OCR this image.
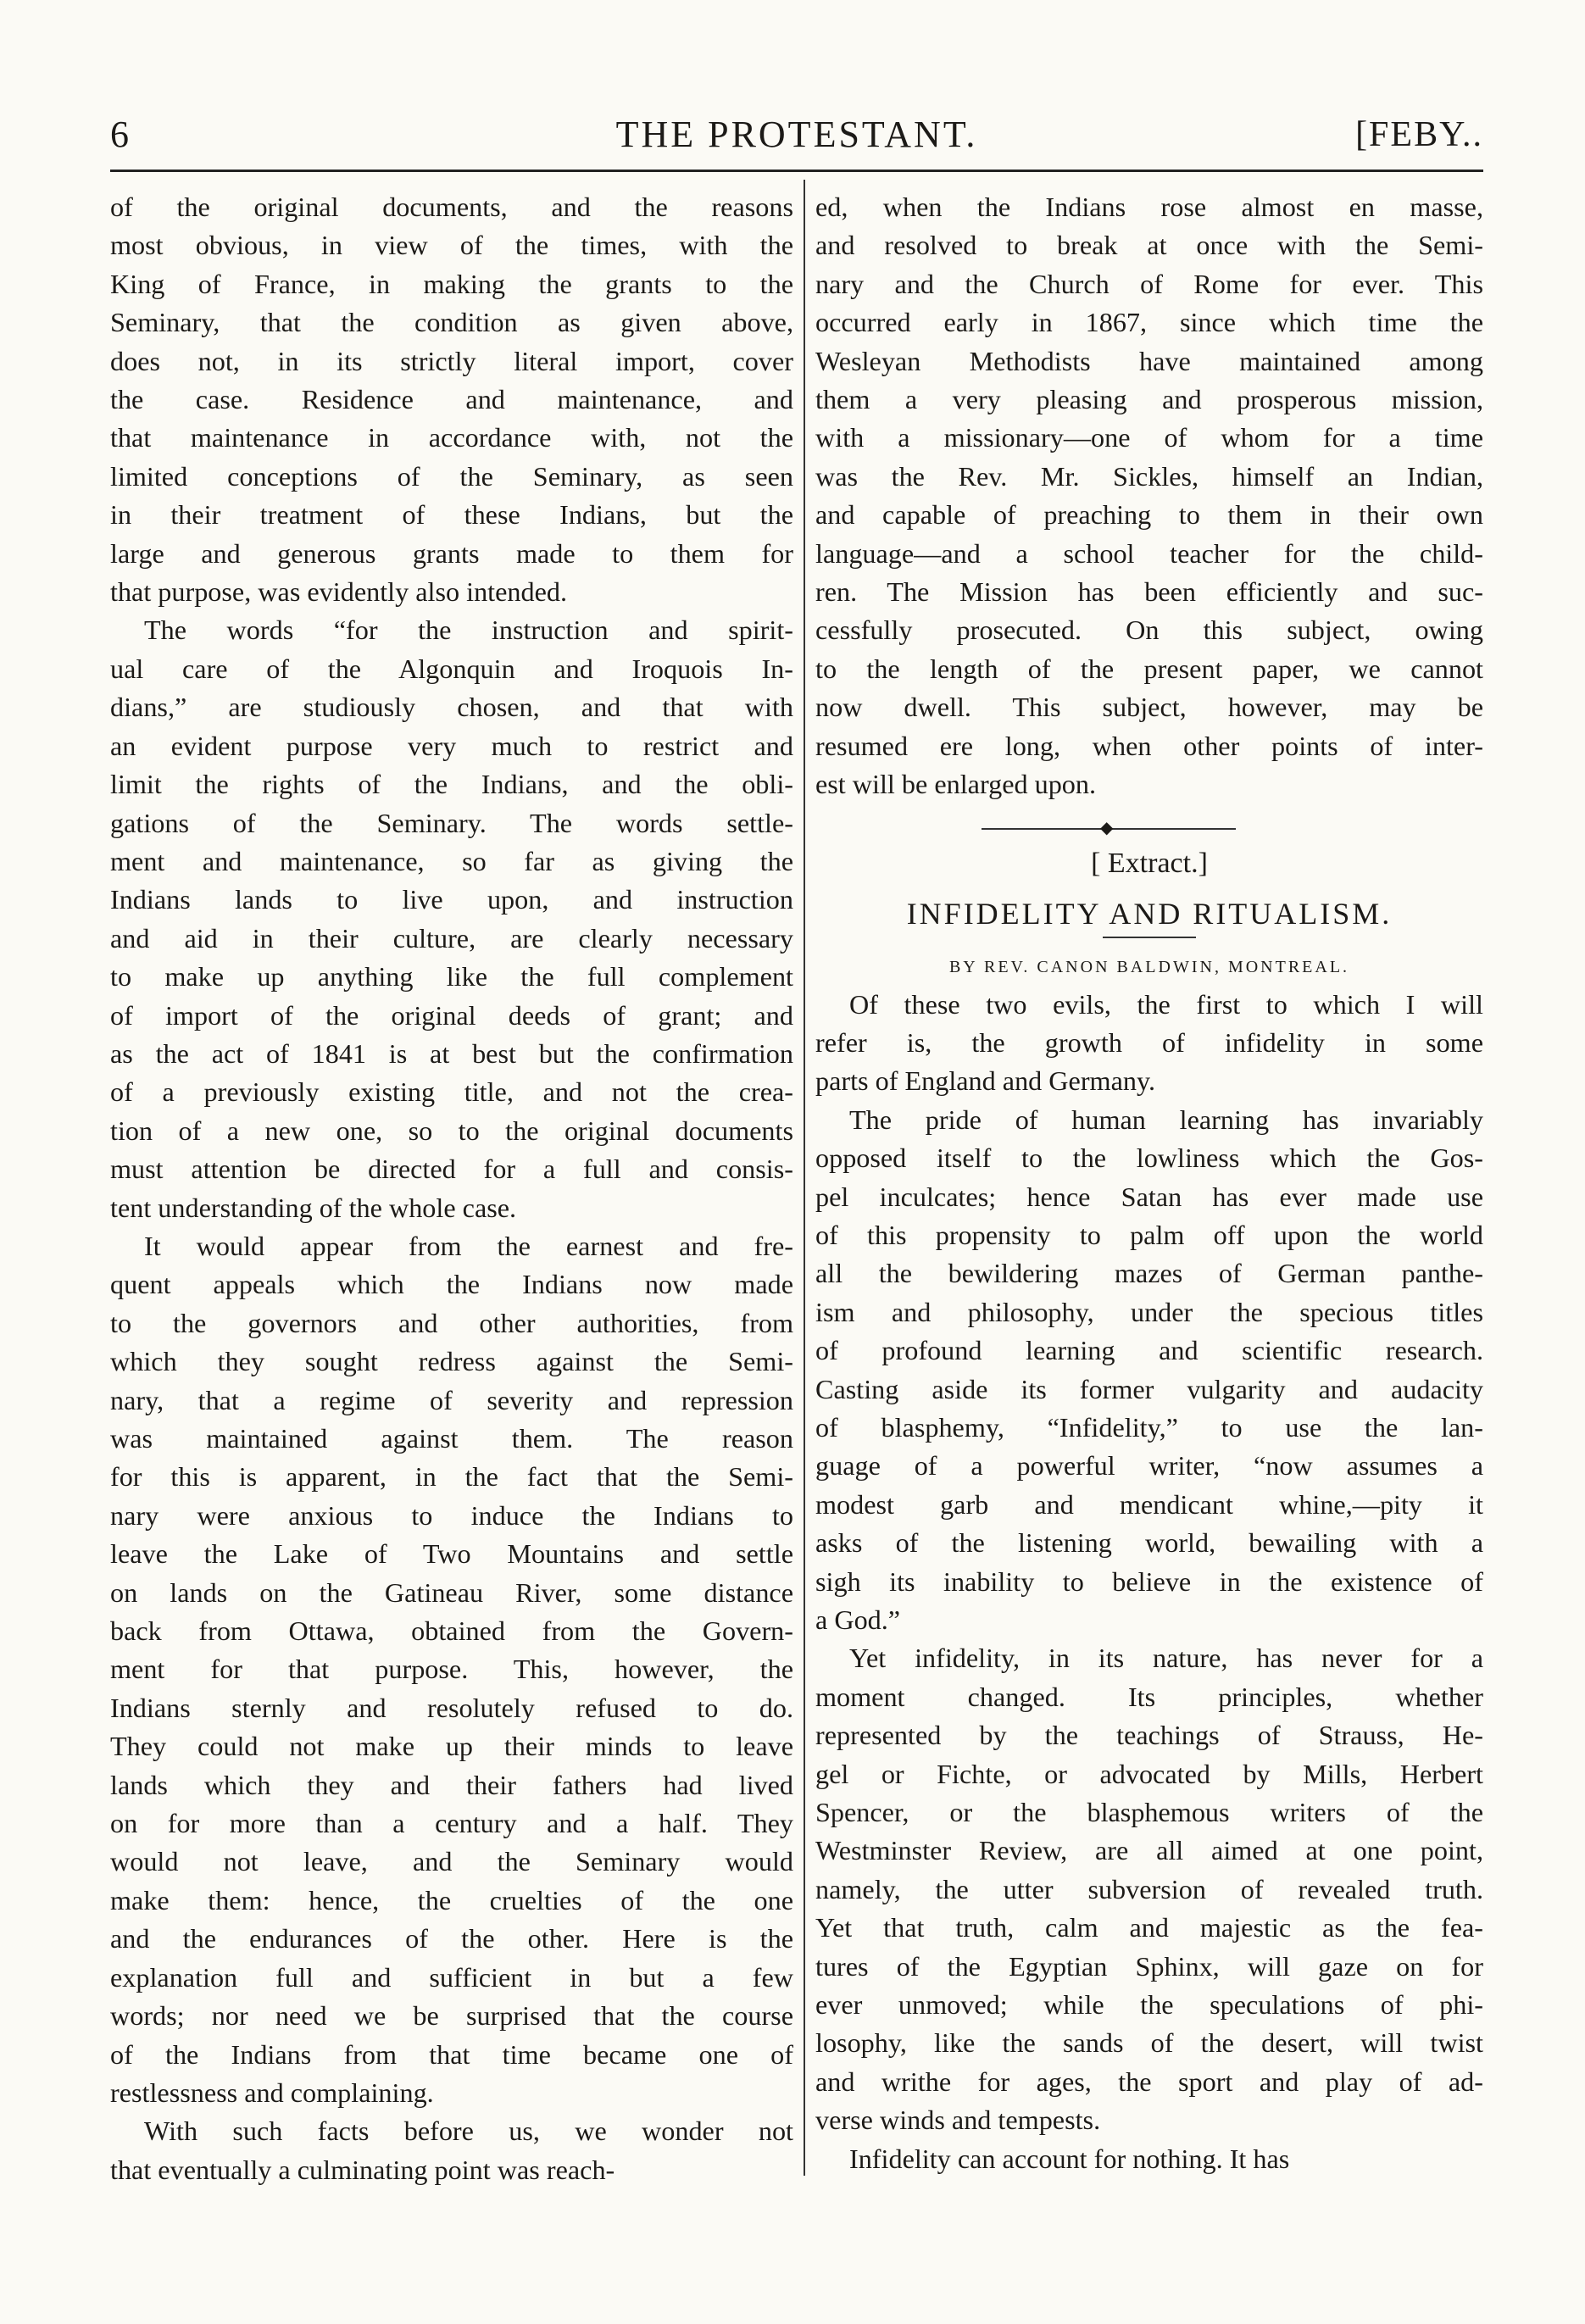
6	THE PROTESTANT.	[FEBY..

of the original documents, and the reasons

most obvious, in view of the times, with the

King of France, in making the grants to the

Seminary, that the condition as given above,

does not, in its strictly literal import, cover

the case. Residence and maintenance, and

that maintenance in accordance with, not the

limited conceptions of the Seminary, as seen

in their treatment of these Indians, but the

large and generous grants made to them for

that purpose, was evidently also intended.

The words “for the instruction and spirit-

ual care of the Algonquin and Iroquois In-

dians,” are studiously chosen, and that with

an evident purpose very much to restrict and

limit the rights of the Indians, and the obli-

gations of the Seminary. The words settle-

ment and maintenance, so far as giving the

Indians lands to live upon, and instruction

and aid in their culture, are clearly necessary

to make up anything like the full complement

of import of the original deeds of grant; and

as the act of 1841 is at best but the confirmation

of a previously existing title, and not the crea-

tion of a new one, so to the original documents

must attention be directed for a full and consis-

tent understanding of the whole case.

It would appear from the earnest and fre-

quent appeals which the Indians now made

to the governors and other authorities, from

which they sought redress against the Semi-

nary, that a regime of severity and repression

was maintained against them. The reason

for this is apparent, in the fact that the Semi-

nary were anxious to induce the Indians to

leave the Lake of Two Mountains and settle

on lands on the Gatineau River, some distance

back from Ottawa, obtained from the Govern-

ment for that purpose. This, however, the

Indians sternly and resolutely refused to do.

They could not make up their minds to leave

lands which they and their fathers had lived

on for more than a century and a half. They

would not leave, and the Seminary would

make them: hence, the cruelties of the one

and the endurances of the other. Here is the

explanation full and sufficient in but a few

words; nor need we be surprised that the course

of the Indians from that time became one of

restlessness and complaining.

With such facts before us, we wonder not

that eventually a culminating point was reach-

ed, when the Indians rose almost en masse,

and resolved to break at once with the Semi-

nary and the Church of Rome for ever. This

occurred early in 1867, since which time the

Wesleyan Methodists have maintained among

them a very pleasing and prosperous mission,

with a missionary—one of whom for a time

was the Rev. Mr. Sickles, himself an Indian,

and capable of preaching to them in their own

language—and a school teacher for the child-

ren. The Mission has been efficiently and suc-

cessfully prosecuted. On this subject, owing

to the length of the present paper, we cannot

now dwell. This subject, however, may be

resumed ere long, when other points of inter-

est will be enlarged upon.

◆
[ Extract.]
INFIDELITY AND RITUALISM.
BY REV. CANON BALDWIN, MONTREAL.

Of these two evils, the first to which I will

refer is, the growth of infidelity in some

parts of England and Germany.

The pride of human learning has invariably

opposed itself to the lowliness which the Gos-

pel inculcates; hence Satan has ever made use

of this propensity to palm off upon the world

all the bewildering mazes of German panthe-

ism and philosophy, under the specious titles

of profound learning and scientific research.

Casting aside its former vulgarity and audacity

of blasphemy, “Infidelity,” to use the lan-

guage of a powerful writer, “now assumes a

modest garb and mendicant whine,—pity it

asks of the listening world, bewailing with a

sigh its inability to believe in the existence of

a God.”

Yet infidelity, in its nature, has never for a

moment changed. Its principles, whether

represented by the teachings of Strauss, He-

gel or Fichte, or advocated by Mills, Herbert

Spencer, or the blasphemous writers of the

Westminster Review, are all aimed at one point,

namely, the utter subversion of revealed truth.

Yet that truth, calm and majestic as the fea-

tures of the Egyptian Sphinx, will gaze on for

ever unmoved; while the speculations of phi-

losophy, like the sands of the desert, will twist

and writhe for ages, the sport and play of ad-

verse winds and tempests.

Infidelity can account for nothing. It has
